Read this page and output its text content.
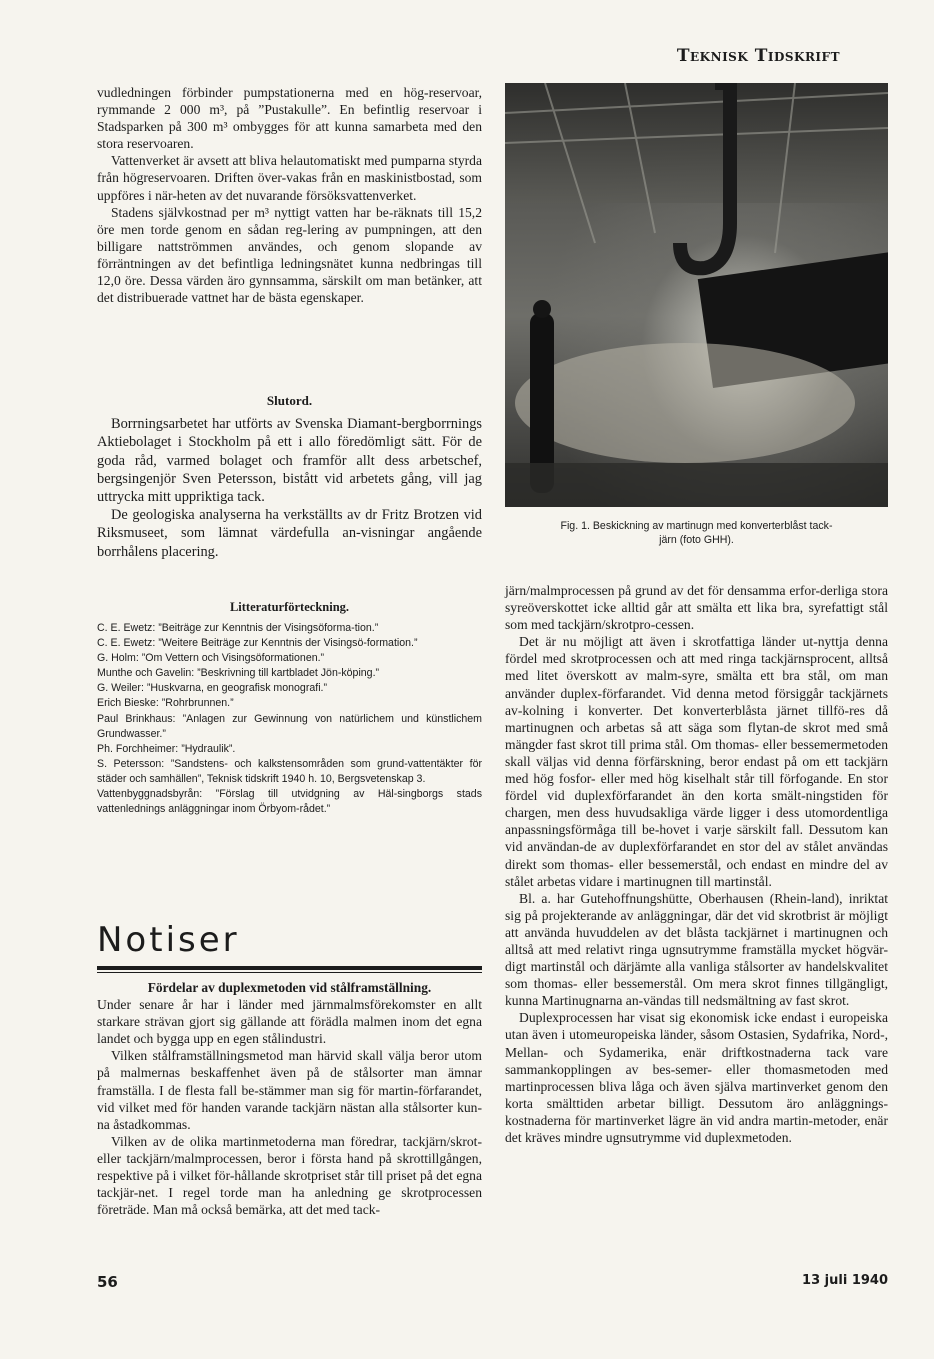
Teknisk Tidskrift

vudledningen förbinder pumpstationerna med en hög-reservoar, rymmande 2 000 m³, på ”Pustakulle”. En befintlig reservoar i Stadsparken på 300 m³ ombygges för att kunna samarbeta med den stora reservoaren.

Vattenverket är avsett att bliva helautomatiskt med pumparna styrda från högreservoaren. Driften över-vakas från en maskinistbostad, som uppföres i när-heten av det nuvarande försöksvattenverket.

Stadens självkostnad per m³ nyttigt vatten har be-räknats till 15,2 öre men torde genom en sådan reg-lering av pumpningen, att den billigare nattströmmen användes, och genom slopande av förräntningen av det befintliga ledningsnätet kunna nedbringas till 12,0 öre. Dessa värden äro gynnsamma, särskilt om man betänker, att det distribuerade vattnet har de bästa egenskaper.

Slutord.

Borrningsarbetet har utförts av Svenska Diamant-bergborrnings Aktiebolaget i Stockholm på ett i allo föredömligt sätt. För de goda råd, varmed bolaget och framför allt dess arbetschef, bergsingenjör Sven Petersson, bistått vid arbetets gång, vill jag uttrycka mitt uppriktiga tack.

De geologiska analyserna ha verkställts av dr Fritz Brotzen vid Riksmuseet, som lämnat värdefulla an-visningar angående borrhålens placering.

Litteraturförteckning.
C. E. Ewetz: ”Beiträge zur Kenntnis der Visingsöforma-tion.”
C. E. Ewetz: ”Weitere Beiträge zur Kenntnis der Visingsö-formation.”
G. Holm: ”Om Vettern och Visingsöformationen.”
Munthe och Gavelin: ”Beskrivning till kartbladet Jön-köping.”
G. Weiler: ”Huskvarna, en geografisk monografi.”
Erich Bieske: ”Rohrbrunnen.”
Paul Brinkhaus: ”Anlagen zur Gewinnung von natürlichem und künstlichem Grundwasser.”
Ph. Forchheimer: ”Hydraulik”.
S. Petersson: ”Sandstens- och kalkstensområden som grund-vattentäkter för städer och samhällen”, Teknisk tidskrift 1940 h. 10, Bergsvetenskap 3.
Vattenbyggnadsbyrån: ”Förslag till utvidgning av Häl-singborgs stads vattenlednings anläggningar inom Örbyom-rådet.”
Notiser
Fördelar av duplexmetoden vid stålframställning.

Under senare år har i länder med järnmalmsförekomster en allt starkare strävan gjort sig gällande att förädla malmen inom det egna landet och bygga upp en egen stålindustri.

Vilken stålframställningsmetod man härvid skall välja beror utom på malmernas beskaffenhet även på de stålsorter man ämnar framställa. I de flesta fall be-stämmer man sig för martin-förfarandet, vid vilket med för handen varande tackjärn nästan alla stålsorter kun-na åstadkommas.

Vilken av de olika martinmetoderna man föredrar, tackjärn/skrot- eller tackjärn/malmprocessen, beror i första hand på skrottillgången, respektive på i vilket för-hållande skrotpriset står till priset på det egna tackjär-net. I regel torde man ha anledning ge skrotprocessen företräde. Man må också bemärka, att det med tack-

Fig. 1. Beskickning av martinugn med konverterblåst tack-
järn (foto GHH).

järn/malmprocessen på grund av det för densamma erfor-derliga stora syreöverskottet icke alltid går att smälta ett lika bra, syrefattigt stål som med tackjärn/skrotpro-cessen.

Det är nu möjligt att även i skrotfattiga länder ut-nyttja denna fördel med skrotprocessen och att med ringa tackjärnsprocent, alltså med litet överskott av malm-syre, smälta ett bra stål, om man använder duplex-förfarandet. Vid denna metod försiggår tackjärnets av-kolning i konverter. Det konverterblåsta järnet tillfö-res då martinugnen och arbetas så att säga som flytan-de skrot med små mängder fast skrot till prima stål. Om thomas- eller bessemermetoden skall väljas vid denna förfärskning, beror endast på om ett tackjärn med hög fosfor- eller med hög kiselhalt står till förfogande. En stor fördel vid duplexförfarandet än den korta smält-ningstiden för chargen, men dess huvudsakliga värde ligger i dess utomordentliga anpassningsförmåga till be-hovet i varje särskilt fall. Dessutom kan vid användan-de av duplexförfarandet en stor del av stålet användas direkt som thomas- eller bessemerstål, och endast en mindre del av stålet arbetas vidare i martinugnen till martinstål.

Bl. a. har Gutehoffnungshütte, Oberhausen (Rhein-land), inriktat sig på projekterande av anläggningar, där det vid skrotbrist är möjligt att använda huvuddelen av det blåsta tackjärnet i martinugnen och alltså att med relativt ringa ugnsutrymme framställa mycket högvär-digt martinstål och därjämte alla vanliga stålsorter av handelskvalitet som thomas- eller bessemerstål. Om mera skrot finnes tillgängligt, kunna Martinugnarna an-vändas till nedsmältning av fast skrot.

Duplexprocessen har visat sig ekonomisk icke endast i europeiska utan även i utomeuropeiska länder, såsom Ostasien, Sydafrika, Nord-, Mellan- och Sydamerika, enär driftkostnaderna tack vare sammankopplingen av bes-semer- eller thomasmetoden med martinprocessen bliva låga och även själva martinverket genom den korta smälttiden arbetar billigt. Dessutom äro anläggnings-kostnaderna för martinverket lägre än vid andra martin-metoder, enär det kräves mindre ugnsutrymme vid duplexmetoden.

56	13 juli 1940
